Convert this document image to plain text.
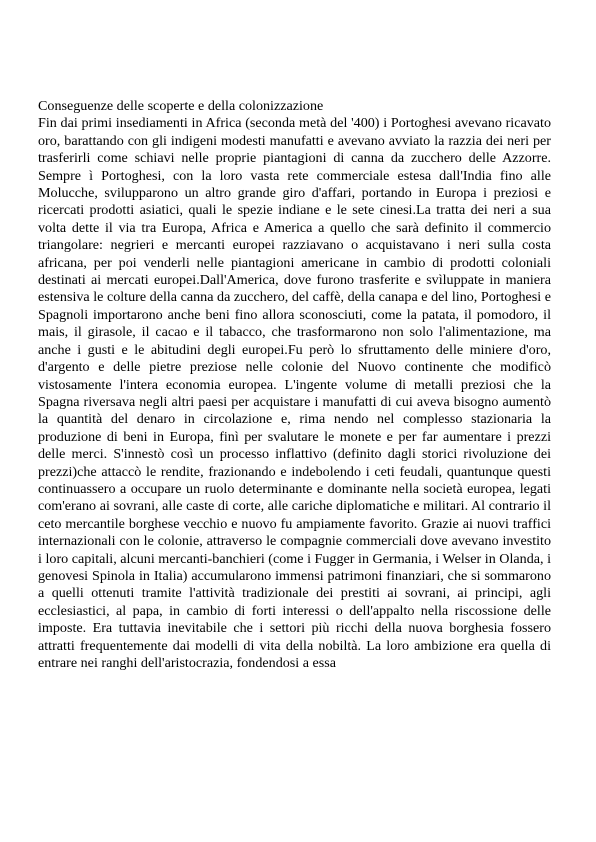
Conseguenze delle scoperte e della colonizzazione

Fin dai primi insediamenti in Africa (seconda metà del '400) i Portoghesi avevano ricavato oro, barattando con gli indigeni modesti manufatti e avevano avviato la razzia dei neri per trasferirli come schiavi nelle proprie piantagioni di canna da zucchero delle Azzorre. Sempre ì Portoghesi, con la loro vasta rete commerciale estesa dall'India fino alle Molucche, svilupparono un altro grande giro d'affari, portando in Europa i preziosi e ricercati prodotti asiatici, quali le spezie indiane e le sete cinesi.La tratta dei neri a sua volta dette il via tra Europa, Africa e America a quello che sarà definito il commercio triangolare: negrieri e mercanti europei razziavano o acquistavano i neri sulla costa africana, per poi venderli nelle piantagioni americane in cambio di prodotti coloniali destinati ai mercati europei.Dall'America, dove furono trasferite e svìluppate in maniera estensiva le colture della canna da zucchero, del caffè, della canapa e del lino, Portoghesi e Spagnoli importarono anche beni fino allora sconosciuti, come la patata, il pomodoro, il mais, il girasole, il cacao e il tabacco, che trasformarono non solo l'alimentazione, ma anche i gusti e le abitudini degli europei.Fu però lo sfruttamento delle miniere d'oro, d'argento e delle pietre preziose nelle colonie del Nuovo continente che modificò vistosamente l'intera economia europea. L'ingente volume di metalli preziosi che la Spagna riversava negli altri paesi per acquistare i manufatti di cui aveva bisogno aumentò la quantità del denaro in circolazione e, rima nendo nel complesso stazionaria la produzione di beni in Europa, finì per svalutare le monete e per far aumentare i prezzi delle merci. S'innestò così un processo inflattivo (definito dagli storici rivoluzione dei prezzi)che attaccò le rendite, frazionando e indebolendo i ceti feudali, quantunque questi continuassero a occupare un ruolo determinante e dominante nella società europea, legati com'erano ai sovrani, alle caste di corte, alle cariche diplomatiche e militari. Al contrario il ceto mercantile borghese vecchio e nuovo fu ampiamente favorito. Grazie ai nuovi traffici internazionali con le colonie, attraverso le compagnie commerciali dove avevano investito i loro capitali, alcuni mercanti-banchieri (come i Fugger in Germania, i Welser in Olanda, i genovesi Spinola in Italia) accumularono immensi patrimoni finanziari, che si sommarono a quelli ottenuti tramite l'attività tradizionale dei prestiti ai sovrani, ai principi, agli ecclesiastici, al papa, in cambio di forti interessi o dell'appalto nella riscossione delle imposte. Era tuttavia inevitabile che i settori più ricchi della nuova borghesia fossero attratti frequentemente dai modelli di vita della nobiltà. La loro ambizione era quella di entrare nei ranghi dell'aristocrazia, fondendosi a essa
